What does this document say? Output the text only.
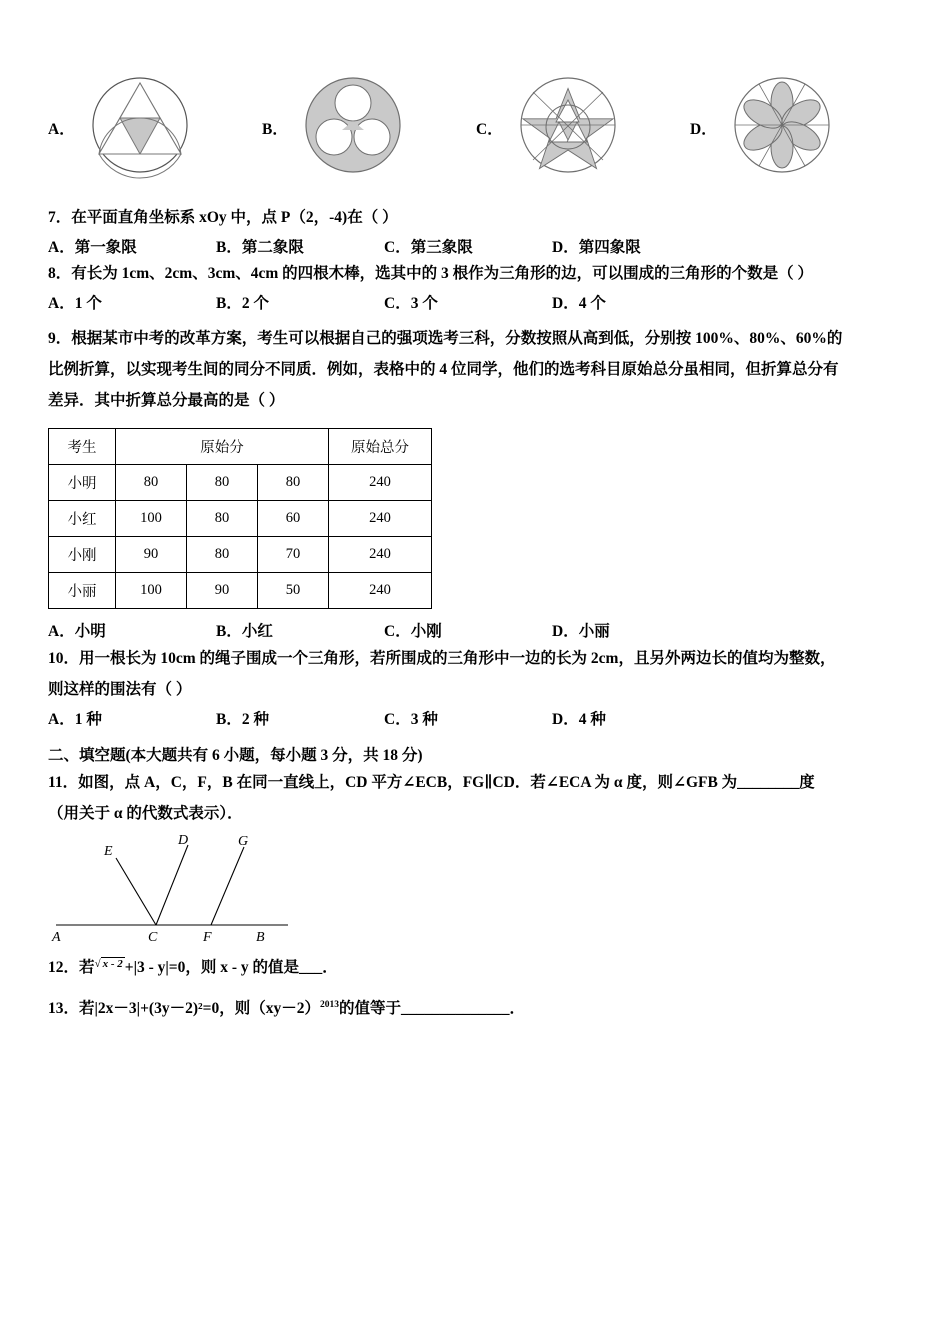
A．	B．	C．	D．
7．在平面直角坐标系 xOy 中，点 P（2，-4)在（ ）
A．第一象限	B．第二象限	C．第三象限	D．第四象限
8．有长为 1cm、2cm、3cm、4cm 的四根木棒，选其中的 3 根作为三角形的边，可以围成的三角形的个数是（ ）
A．1 个	B．2 个	C．3 个	D．4 个
9．根据某市中考的改革方案，考生可以根据自己的强项选考三科，分数按照从高到低，分别按 100%、80%、60%的
比例折算，以实现考生间的同分不同质．例如，表格中的 4 位同学，他们的选考科目原始总分虽相同，但折算总分有
差异．其中折算总分最高的是（ ）
考生	原始分			原始总分
小明	80	80	80	240
小红	100	80	60	240
小刚	90	80	70	240
小丽	100	90	50	240
A．小明	B．小红	C．小刚	D．小丽
10．用一根长为 10cm 的绳子围成一个三角形，若所围成的三角形中一边的长为 2cm，且另外两边长的值均为整数，
则这样的围法有（ ）
A．1 种	B．2 种	C．3 种	D．4 种
二、填空题(本大题共有 6 小题，每小题 3 分，共 18 分)
11．如图，点 A，C，F，B 在同一直线上，CD 平方∠ECB，FG∥CD．若∠ECA 为 α 度，则∠GFB 为________度
（用关于 α 的代数式表示）．
E
D	G
A	C	F	B
12．若√ x - 2 +|3 - y|=0，则 x - y 的值是___．
13．若|2x－3|+(3y－2)²=0，则$(xy-2)^{2013}$的值等于______________．
